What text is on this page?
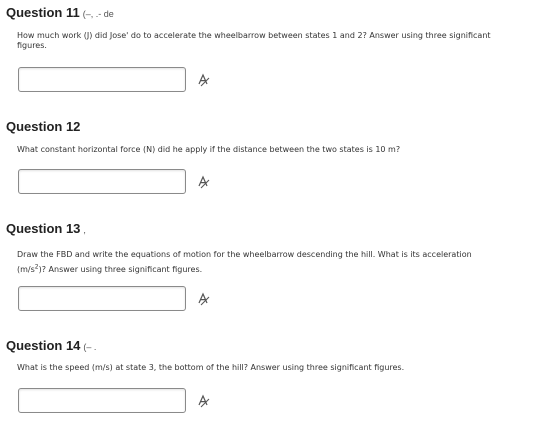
Question 11 (–, .- de
How much work (J) did Jose' do to accelerate the wheelbarrow between states 1 and 2? Answer using three significant figures.
Question 12
What constant horizontal force (N) did he apply if the distance between the two states is 10 m?
Question 13 ,
Draw the FBD and write the equations of motion for the wheelbarrow descending the hill. What is its acceleration $(m/s^2)$? Answer using three significant figures.
Question 14 (– .
What is the speed (m/s) at state 3, the bottom of the hill? Answer using three significant figures.
